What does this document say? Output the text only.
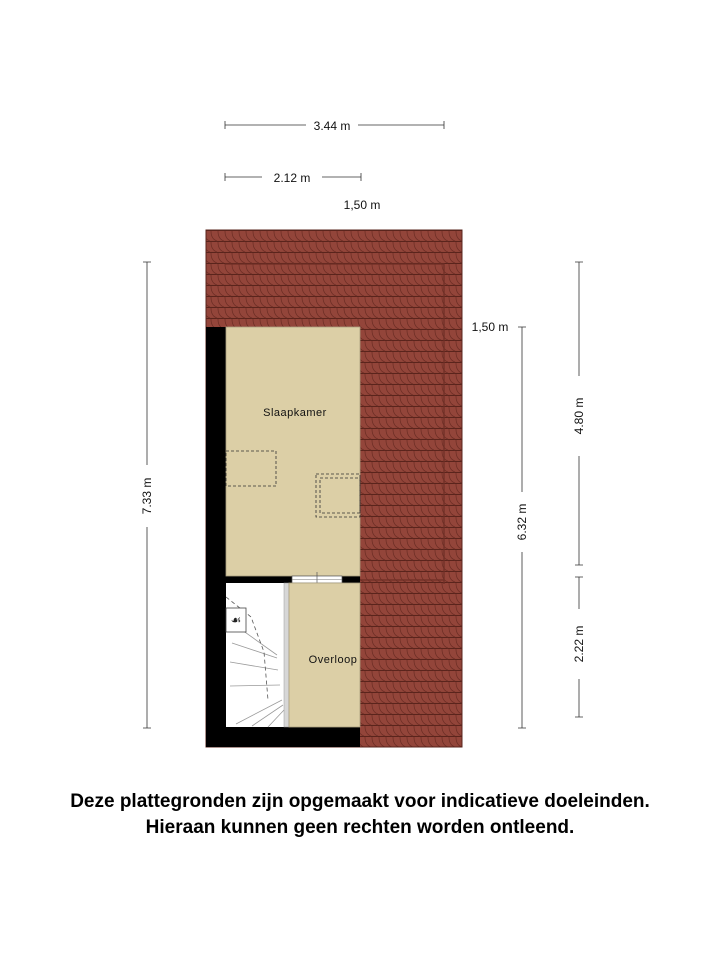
☙
3.44 m
2.12 m
1,50 m
1,50 m
7.33 m
6.32 m
4.80 m
2.22 m
Slaapkamer
Overloop
Deze plattegronden zijn opgemaakt voor indicatieve doeleinden.
Hieraan kunnen geen rechten worden ontleend.
